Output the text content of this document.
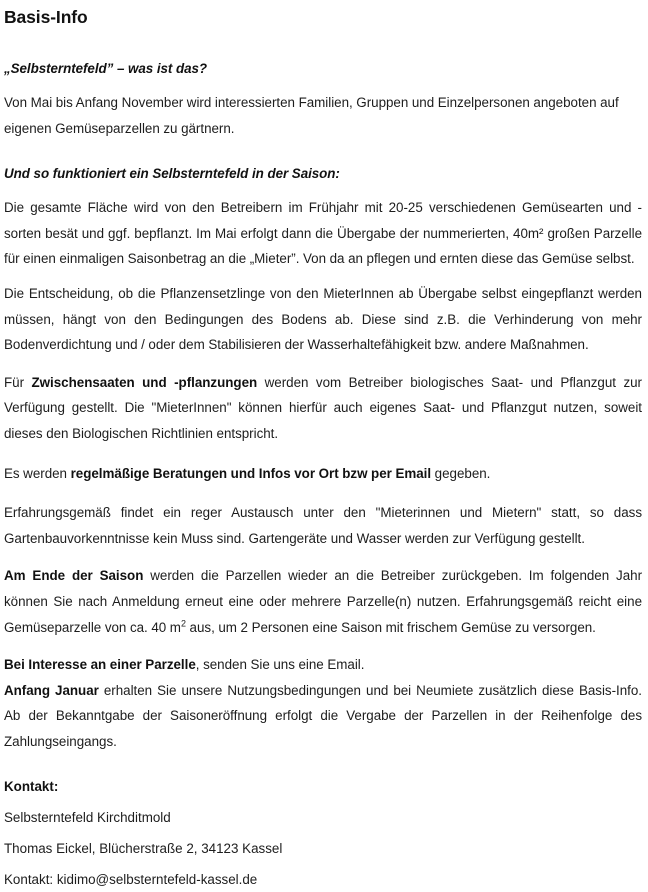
Basis-Info
„Selbsterntefeld” – was ist das?

Von Mai bis Anfang November wird interessierten Familien, Gruppen und Einzelpersonen angeboten auf eigenen Gemüseparzellen zu gärtnern.

Und so funktioniert ein Selbsterntefeld in der Saison:

Die gesamte Fläche wird von den Betreibern im Frühjahr mit 20-25 verschiedenen Gemüsearten und -sorten besät und ggf. bepflanzt. Im Mai erfolgt dann die Übergabe der nummerierten, 40m² großen Parzelle für einen einmaligen Saisonbetrag an die „Mieter”. Von da an pflegen und ernten diese das Gemüse selbst.

Die Entscheidung, ob die Pflanzensetzlinge von den MieterInnen ab Übergabe selbst eingepflanzt werden müssen, hängt von den Bedingungen des Bodens ab. Diese sind z.B. die Verhinderung von mehr Bodenverdichtung und / oder dem Stabilisieren der Wasserhaltefähigkeit bzw. andere Maßnahmen.

Für Zwischensaaten und -pflanzungen werden vom Betreiber biologisches Saat- und Pflanzgut zur Verfügung gestellt. Die "MieterInnen" können hierfür auch eigenes Saat- und Pflanzgut nutzen, soweit dieses den Biologischen Richtlinien entspricht.

Es werden regelmäßige Beratungen und Infos vor Ort bzw per Email gegeben.

Erfahrungsgemäß findet ein reger Austausch unter den "Mieterinnen und Mietern" statt, so dass Gartenbauvorkenntnisse kein Muss sind. Gartengeräte und Wasser werden zur Verfügung gestellt.

Am Ende der Saison werden die Parzellen wieder an die Betreiber zurückgeben. Im folgenden Jahr können Sie nach Anmeldung erneut eine oder mehrere Parzelle(n) nutzen. Erfahrungsgemäß reicht eine Gemüseparzelle von ca. 40 $m^2$ aus, um 2 Personen eine Saison mit frischem Gemüse zu versorgen.

Bei Interesse an einer Parzelle, senden Sie uns eine Email.

Anfang Januar erhalten Sie unsere Nutzungsbedingungen und bei Neumiete zusätzlich diese Basis-Info. Ab der Bekanntgabe der Saisoneröffnung erfolgt die Vergabe der Parzellen in der Reihenfolge des Zahlungseingangs.

Kontakt:

Selbsterntefeld Kirchditmold

Thomas Eickel, Blücherstraße 2, 34123 Kassel

Kontakt: kidimo@selbsterntefeld-kassel.de
